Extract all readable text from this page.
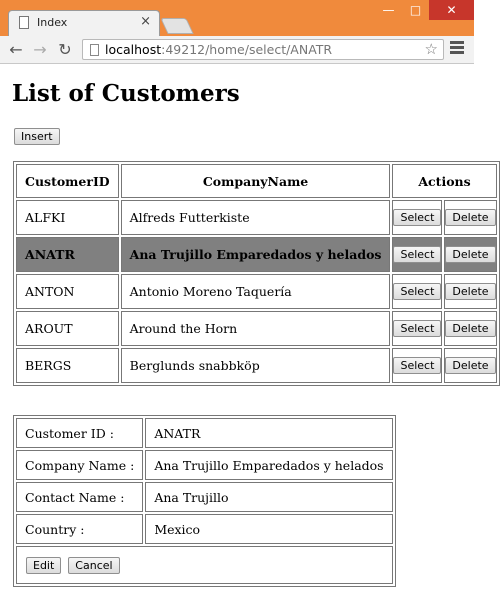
Index	×
—	□	✕
← → ↻	localhost:49212/home/select/ANATR	☆
List of Customers
Insert
CustomerID	CompanyName	Actions	
ALFKI	Alfreds Futterkiste	Select	Delete
ANATR	Ana Trujillo Emparedados y helados	Select	Delete
ANTON	Antonio Moreno Taquería	Select	Delete
AROUT	Around the Horn	Select	Delete
BERGS	Berglunds snabbköp	Select	Delete
Customer ID :	ANATR
Company Name :	Ana Trujillo Emparedados y helados
Contact Name :	Ana Trujillo
Country :	Mexico
Edit Cancel	
